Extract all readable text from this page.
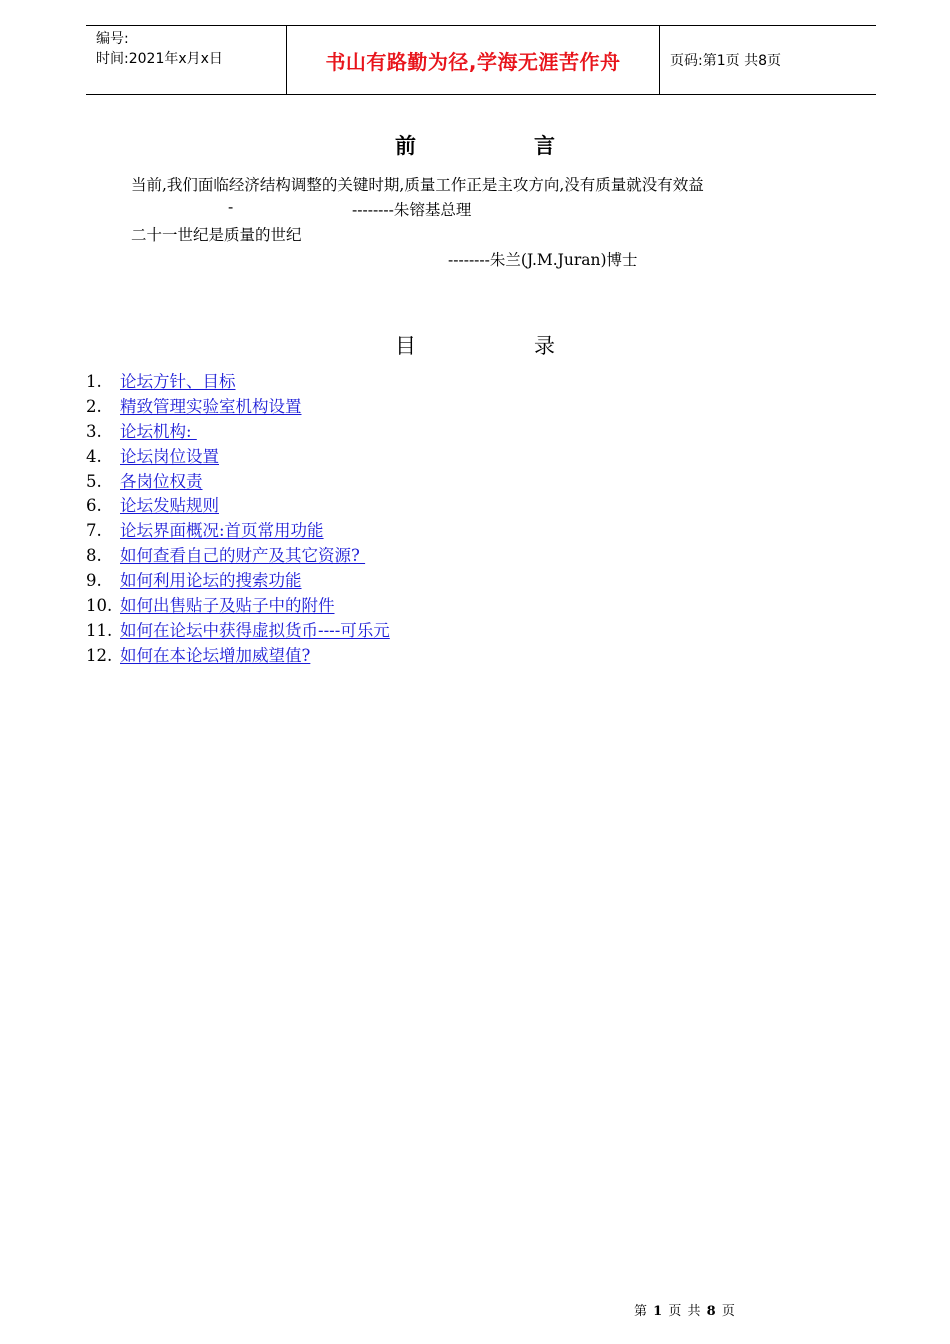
编号:
时间:2021年x月x日	书山有路勤为径,学海无涯苦作舟	页码:第1页 共8页
前	言
当前,我们面临经济结构调整的关键时期,质量工作正是主攻方向,没有质量就没有效益
-	--------朱镕基总理
二十一世纪是质量的世纪
--------朱兰(J.M.Juran)博士
目	录
1.	论坛方针、目标
2.	精致管理实验室机构设置
3.	论坛机构:
4.	论坛岗位设置
5.	各岗位权责
6.	论坛发贴规则
7.	论坛界面概况:首页常用功能
8.	如何查看自己的财产及其它资源?
9.	如何利用论坛的搜索功能
10. 如何出售贴子及贴子中的附件
11. 如何在论坛中获得虚拟货币----可乐元
12. 如何在本论坛增加威望值?
第 1 页 共 8 页
